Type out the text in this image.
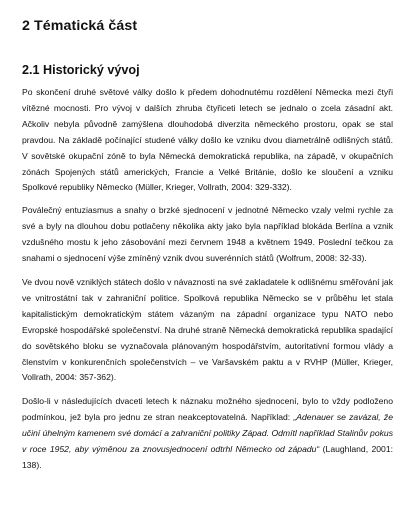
2 Tématická část
2.1 Historický vývoj

Po skončení druhé světové války došlo k předem dohodnutému rozdělení Německa mezi čtyři vítězné mocnosti. Pro vývoj v dalších zhruba čtyřiceti letech se jednalo o zcela zásadní akt. Ačkoliv nebyla původně zamýšlena dlouhodobá diverzita německého prostoru, opak se stal pravdou. Na základě počínající studené války došlo ke vzniku dvou diametrálně odlišných států. V sovětské okupační zóně to byla Německá demokratická republika, na západě, v okupačních zónách Spojených států amerických, Francie a Velké Británie, došlo ke sloučení a vzniku Spolkové republiky Německo (Müller, Krieger, Vollrath, 2004: 329-332).

Poválečný entuziasmus a snahy o brzké sjednocení v jednotné Německo vzaly velmi rychle za své a byly na dlouhou dobu potlačeny několika akty jako byla například blokáda Berlína a vznik vzdušného mostu k jeho zásobování mezi červnem 1948 a květnem 1949. Poslední tečkou za snahami o sjednocení výše zmíněný vznik dvou suverénních států (Wolfrum, 2008: 32-33).

Ve dvou nově vzniklých státech došlo v návaznosti na své zakladatele k odlišnému směřování jak ve vnitrostátní tak v zahraniční politice. Spolková republika Německo se v průběhu let stala kapitalistickým demokratickým státem vázaným na západní organizace typu NATO nebo Evropské hospodářské společenství. Na druhé straně Německá demokratická republika spadající do sovětského bloku se vyznačovala plánovaným hospodářstvím, autoritativní formou vlády a členstvím v konkurenčních společenstvích – ve Varšavském paktu a v RVHP (Müller, Krieger, Vollrath, 2004: 357-362).

Došlo-li v následujících dvaceti letech k náznaku možného sjednocení, bylo to vždy podloženo podmínkou, jež byla pro jednu ze stran neakceptovatelná. Například: „Adenauer se zavázal, že učiní úhelným kamenem své domácí a zahraniční politiky Západ. Odmítl například Stalinův pokus v roce 1952, aby výměnou za znovusjednocení odtrhl Německo od západu“ (Laughland, 2001: 138).
